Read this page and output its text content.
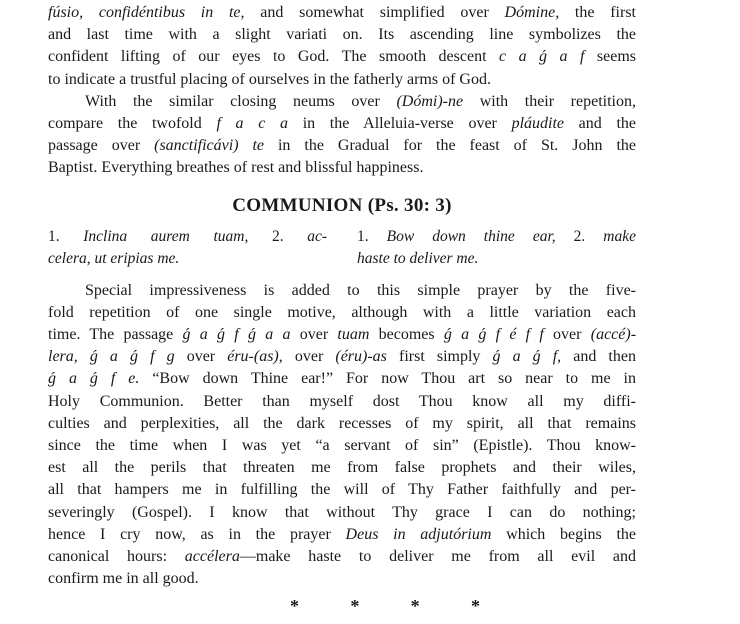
fúsio, confidéntibus in te, and somewhat simplified over Dómine, the first
and last time with a slight variati on. Its ascending line symbolizes the
confident lifting of our eyes to God. The smooth descent c a ǵ a f seems
to indicate a trustful placing of ourselves in the fatherly arms of God.
With the similar closing neums over (Dómi)-ne with their repetition,
compare the twofold f a c a in the Alleluia-verse over pláudite and the
passage over (sanctificávi) te in the Gradual for the feast of St. John the
Baptist. Everything breathes of rest and blissful happiness.
COMMUNION (Ps. 30: 3)
1. Inclina aurem tuam, 2. ac-
celera, ut eripias me.
1. Bow down thine ear, 2. make
haste to deliver me.
Special impressiveness is added to this simple prayer by the five-
fold repetition of one single motive, although with a little variation each
time. The passage ǵ a ǵ f ǵ a a over tuam becomes ǵ a ǵ f é f f over (accé)-
lera, ǵ a ǵ f g over éru-(as), over (éru)-as first simply ǵ a ǵ f, and then
ǵ a ǵ f e. “Bow down Thine ear!” For now Thou art so near to me in
Holy Communion. Better than myself dost Thou know all my diffi-
culties and perplexities, all the dark recesses of my spirit, all that remains
since the time when I was yet “a servant of sin” (Epistle). Thou know-
est all the perils that threaten me from false prophets and their wiles,
all that hampers me in fulfilling the will of Thy Father faithfully and per-
severingly (Gospel). I know that without Thy grace I can do nothing;
hence I cry now, as in the prayer Deus in adjutórium which begins the
canonical hours: accélera—make haste to deliver me from all evil and
confirm me in all good.
*	*	*	*
